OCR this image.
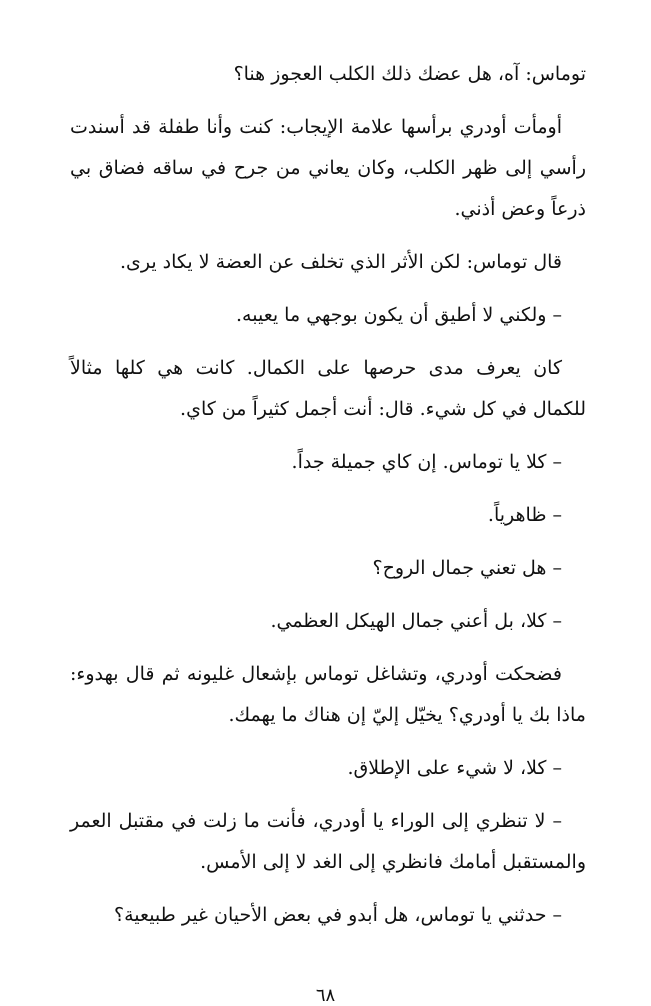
توماس: آه، هل عضك ذلك الكلب العجوز هنا؟

أومأت أودري برأسها علامة الإيجاب: كنت وأنا طفلة قد أسندت رأسي إلى ظهر الكلب، وكان يعاني من جرح في ساقه فضاق بي ذرعاً وعض أذني.

قال توماس: لكن الأثر الذي تخلف عن العضة لا يكاد يرى.

– ولكني لا أطيق أن يكون بوجهي ما يعيبه.

كان يعرف مدى حرصها على الكمال. كانت هي كلها مثالاً للكمال في كل شيء. قال: أنت أجمل كثيراً من كاي.

– كلا يا توماس. إن كاي جميلة جداً.

– ظاهرياً.

– هل تعني جمال الروح؟

– كلا، بل أعني جمال الهيكل العظمي.

فضحكت أودري، وتشاغل توماس بإشعال غليونه ثم قال بهدوء: ماذا بك يا أودري؟ يخيّل إليّ إن هناك ما يهمك.

– كلا، لا شيء على الإطلاق.

– لا تنظري إلى الوراء يا أودري، فأنت ما زلت في مقتبل العمر والمستقبل أمامك فانظري إلى الغد لا إلى الأمس.

– حدثني يا توماس، هل أبدو في بعض الأحيان غير طبيعية؟

٦٨
